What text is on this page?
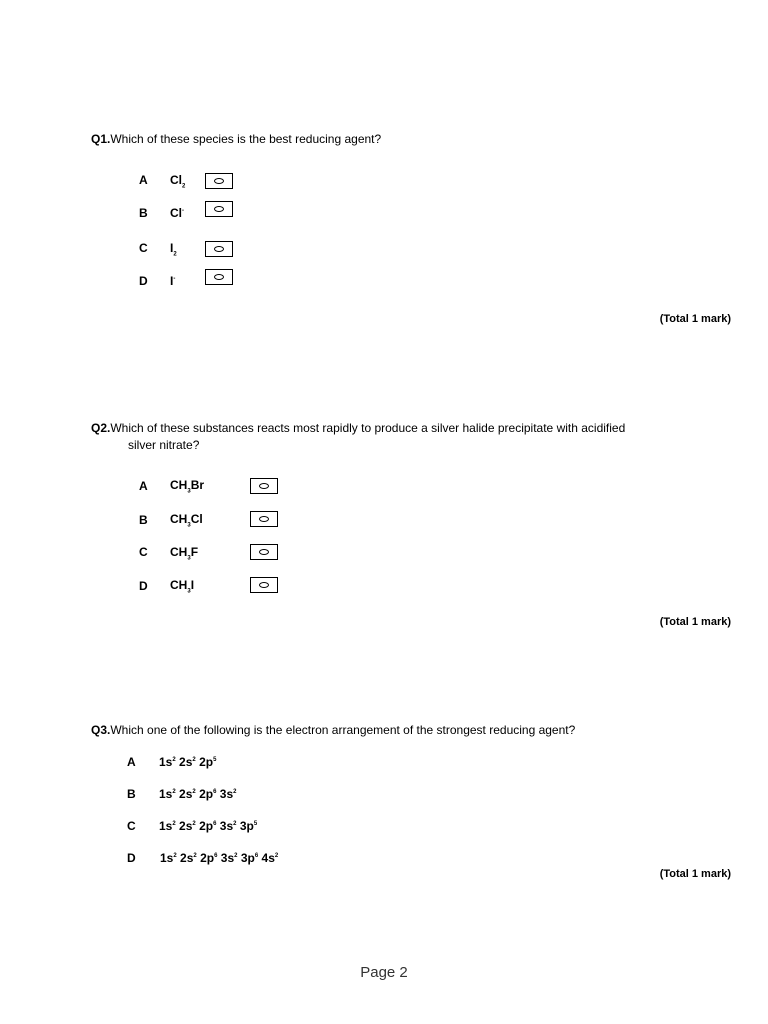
Q1.Which of these species is the best reducing agent?
A $Cl_2$
B Cl-
C $I_2$
D I-
(Total 1 mark)
Q2.Which of these substances reacts most rapidly to produce a silver halide precipitate with acidified
silver nitrate?
A $CH_3Br$
B $CH_3Cl$
C $CH_3F$
D $CH_3I$
(Total 1 mark)
Q3.Which one of the following is the electron arrangement of the strongest reducing agent?
A $1s^2$ $2s^2$ $2p^5$
B $1s^2$ $2s^2$ $2p^6$ $3s^2$
C $1s^2$ $2s^2$ $2p^6$ $3s^2$ $3p^5$
D $1s^2$ $2s^2$ $2p^6$ $3s^2$ $3p^6$ $4s^2$
(Total 1 mark)
Page 2
